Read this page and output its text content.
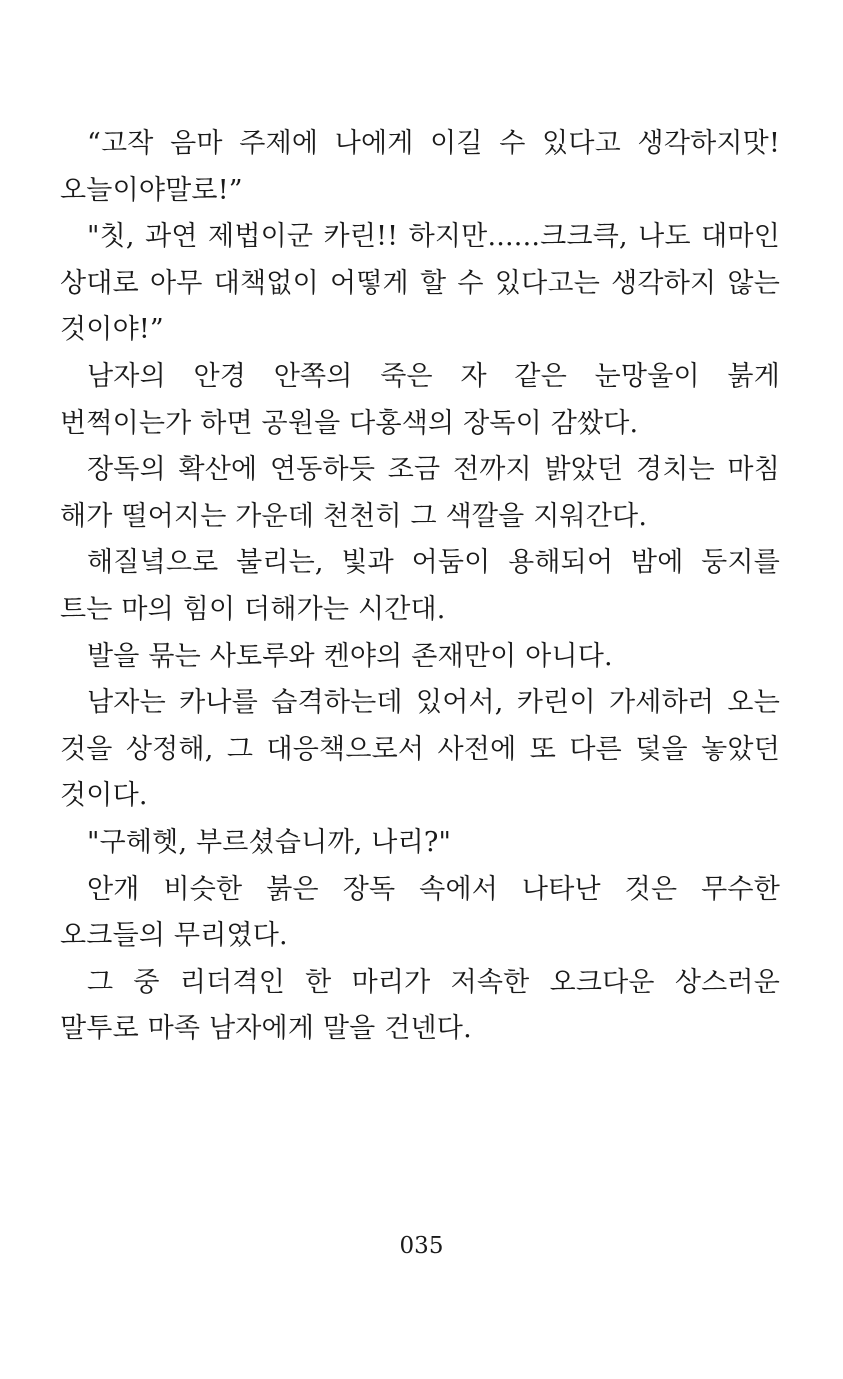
“고작 음마 주제에 나에게 이길 수 있다고 생각하지맛! 오늘이야말로!”

"칫, 과연 제법이군 카린!! 하지만......크크큭, 나도 대마인 상대로 아무 대책없이 어떻게 할 수 있다고는 생각하지 않는 것이야!”

남자의 안경 안쪽의 죽은 자 같은 눈망울이 붉게 번쩍이는가 하면 공원을 다홍색의 장독이 감쌌다.

장독의 확산에 연동하듯 조금 전까지 밝았던 경치는 마침 해가 떨어지는 가운데 천천히 그 색깔을 지워간다.

해질녘으로 불리는, 빛과 어둠이 용해되어 밤에 둥지를 트는 마의 힘이 더해가는 시간대.

발을 묶는 사토루와 켄야의 존재만이 아니다.

남자는 카나를 습격하는데 있어서, 카린이 가세하러 오는 것을 상정해, 그 대응책으로서 사전에 또 다른 덫을 놓았던 것이다.

"구헤헷, 부르셨습니까, 나리?"

안개 비슷한 붉은 장독 속에서 나타난 것은 무수한 오크들의 무리였다.

그 중 리더격인 한 마리가 저속한 오크다운 상스러운 말투로 마족 남자에게 말을 건넨다.

035
